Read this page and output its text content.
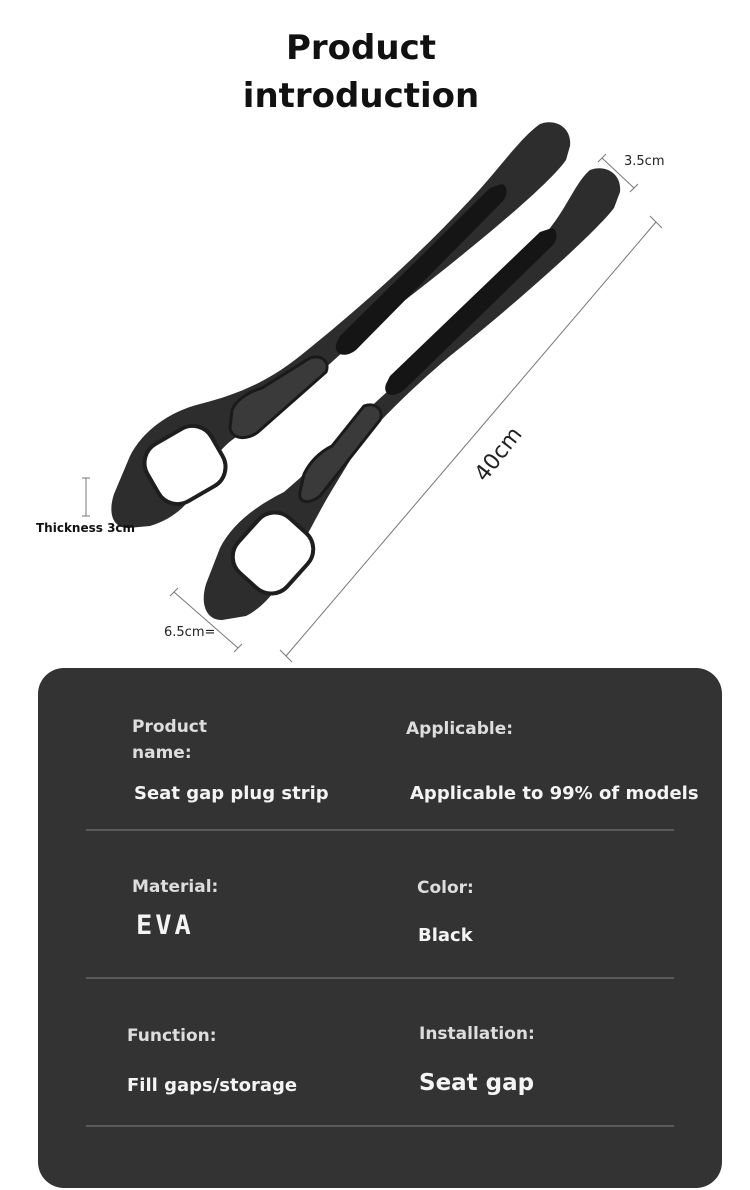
Product
introduction
3.5cm
40cm
Thickness 3cm
6.5cm=
Product
name:
Seat gap plug strip
Applicable:
Applicable to 99% of models
Material:
EVA
Color:
Black
Function:
Fill gaps/storage
Installation:
Seat gap
